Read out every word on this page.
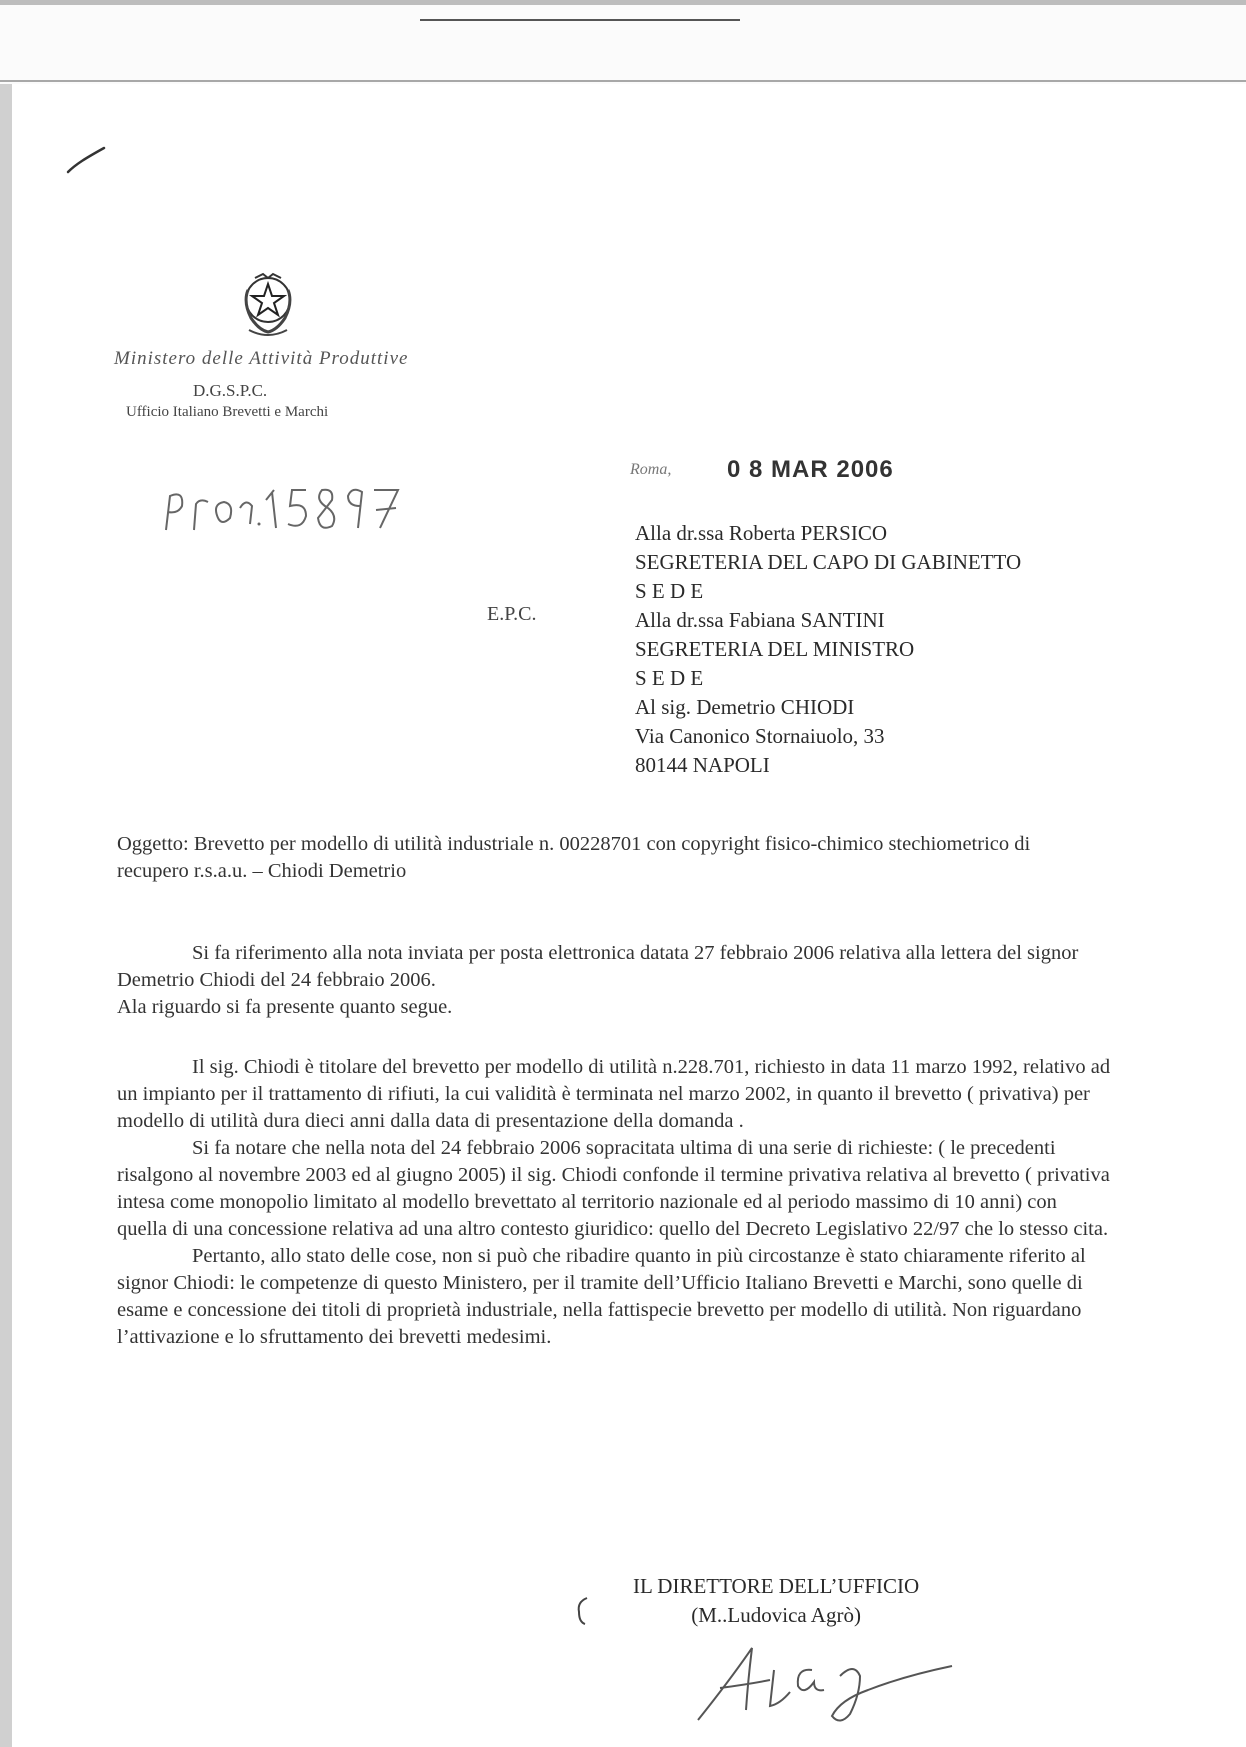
Ministero delle Attività Produttive
D.G.S.P.C.
Ufficio Italiano Brevetti e Marchi
Roma, 0 8 MAR 2006
Alla dr.ssa Roberta PERSICO
SEGRETERIA DEL CAPO DI GABINETTO
S E D E
Alla dr.ssa Fabiana SANTINI
SEGRETERIA DEL MINISTRO
S E D E
Al sig. Demetrio CHIODI
Via Canonico Stornaiuolo, 33
80144 NAPOLI
E.P.C.
Oggetto: Brevetto per modello di utilità industriale n. 00228701 con copyright fisico-chimico stechiometrico di recupero r.s.a.u. – Chiodi Demetrio

Si fa riferimento alla nota inviata per posta elettronica datata 27 febbraio 2006 relativa alla lettera del signor Demetrio Chiodi del 24 febbraio 2006.

Ala riguardo si fa presente quanto segue.

Il sig. Chiodi è titolare del brevetto per modello di utilità n.228.701, richiesto in data 11 marzo 1992, relativo ad un impianto per il trattamento di rifiuti, la cui validità è terminata nel marzo 2002, in quanto il brevetto ( privativa) per modello di utilità dura dieci anni dalla data di presentazione della domanda .

Si fa notare che nella nota del 24 febbraio 2006 sopracitata ultima di una serie di richieste: ( le precedenti risalgono al novembre 2003 ed al giugno 2005) il sig. Chiodi confonde il termine privativa relativa al brevetto ( privativa intesa come monopolio limitato al modello brevettato al territorio nazionale ed al periodo massimo di 10 anni) con quella di una concessione relativa ad una altro contesto giuridico: quello del Decreto Legislativo 22/97 che lo stesso cita.

Pertanto, allo stato delle cose, non si può che ribadire quanto in più circostanze è stato chiaramente riferito al signor Chiodi: le competenze di questo Ministero, per il tramite dell’Ufficio Italiano Brevetti e Marchi, sono quelle di esame e concessione dei titoli di proprietà industriale, nella fattispecie brevetto per modello di utilità. Non riguardano l’attivazione e lo sfruttamento dei brevetti medesimi.

IL DIRETTORE DELL’UFFICIO
(M..Ludovica Agrò)
